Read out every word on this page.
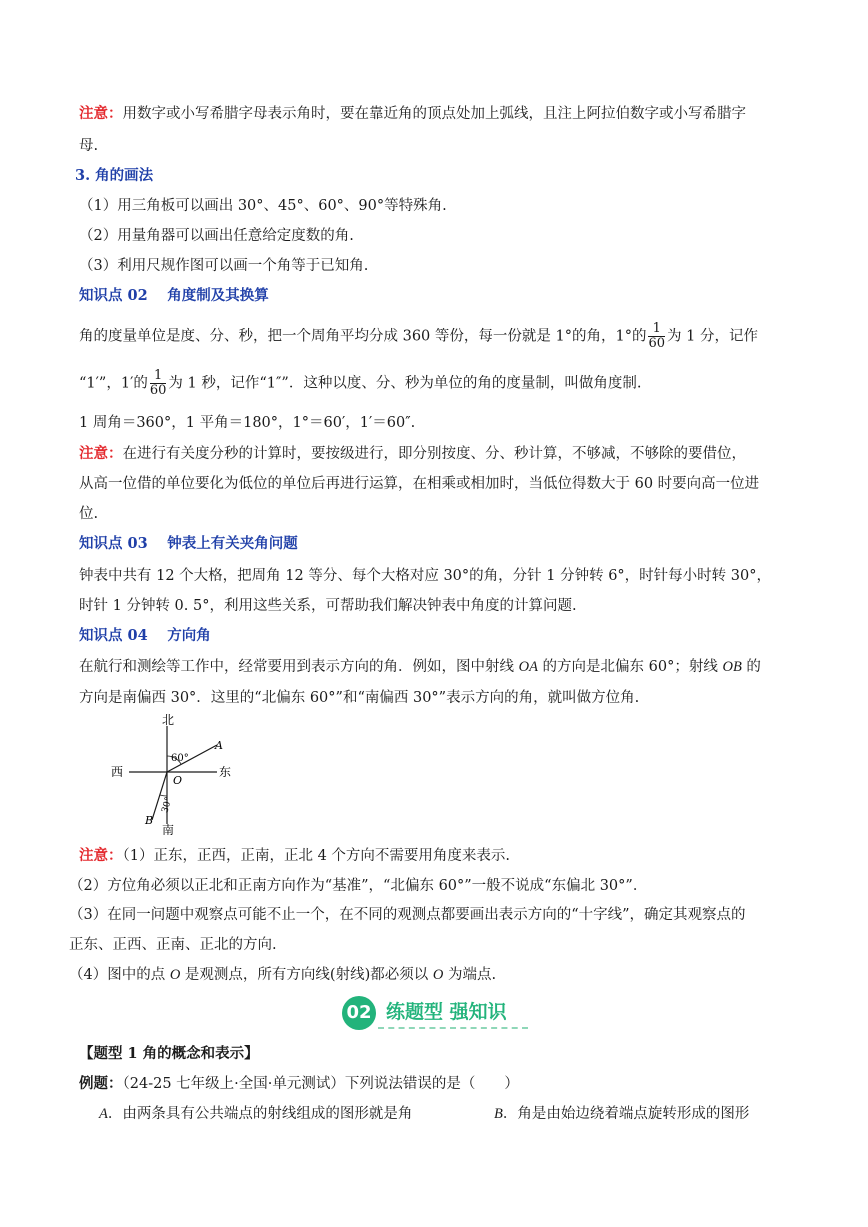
注意：用数字或小写希腊字母表示角时，要在靠近角的顶点处加上弧线，且注上阿拉伯数字或小写希腊字
母.
3. 角的画法
（1）用三角板可以画出 30°、45°、60°、90°等特殊角.
（2）用量角器可以画出任意给定度数的角.
（3）利用尺规作图可以画一个角等于已知角.
知识点 02　 角度制及其换算
角的度量单位是度、分、秒，把一个周角平均分成 360 等份，每一份就是 1°的角，1°的 $\frac{1}{60}$ 为 1 分，记作
“1′”，1′的 $\frac{1}{60}$ 为 1 秒，记作“1″”．这种以度、分、秒为单位的角的度量制，叫做角度制.
1 周角＝360°，1 平角＝180°，1°＝60′，1′＝60″.
注意：在进行有关度分秒的计算时，要按级进行，即分别按度、分、秒计算，不够减，不够除的要借位，
从高一位借的单位要化为低位的单位后再进行运算，在相乘或相加时，当低位得数大于 60 时要向高一位进
位.
知识点 03　 钟表上有关夹角问题
钟表中共有 12 个大格，把周角 12 等分、每个大格对应 30°的角，分针 1 分钟转 6°，时针每小时转 30°，
时针 1 分钟转 0. 5°，利用这些关系，可帮助我们解决钟表中角度的计算问题.
知识点 04　 方向角
在航行和测绘等工作中，经常要用到表示方向的角．例如，图中射线 OA 的方向是北偏东 60°；射线 OB 的
方向是南偏西 30°．这里的“北偏东 60°”和“南偏西 30°”表示方向的角，就叫做方位角.
北
南
西	东
60°
30°
A
B
O
注意：（1）正东，正西，正南，正北 4 个方向不需要用角度来表示.
（2）方位角必须以正北和正南方向作为“基准”，“北偏东 60°”一般不说成“东偏北 30°”．
（3）在同一问题中观察点可能不止一个，在不同的观测点都要画出表示方向的“十字线”，确定其观察点的
正东、正西、正南、正北的方向.
（4）图中的点 O 是观测点，所有方向线(射线)都必须以 O 为端点.
02 练题型 强知识
【题型 1 角的概念和表示】
例题：（24-25 七年级上·全国·单元测试）下列说法错误的是（　　）
A．由两条具有公共端点的射线组成的图形就是角	B．角是由始边绕着端点旋转形成的图形
